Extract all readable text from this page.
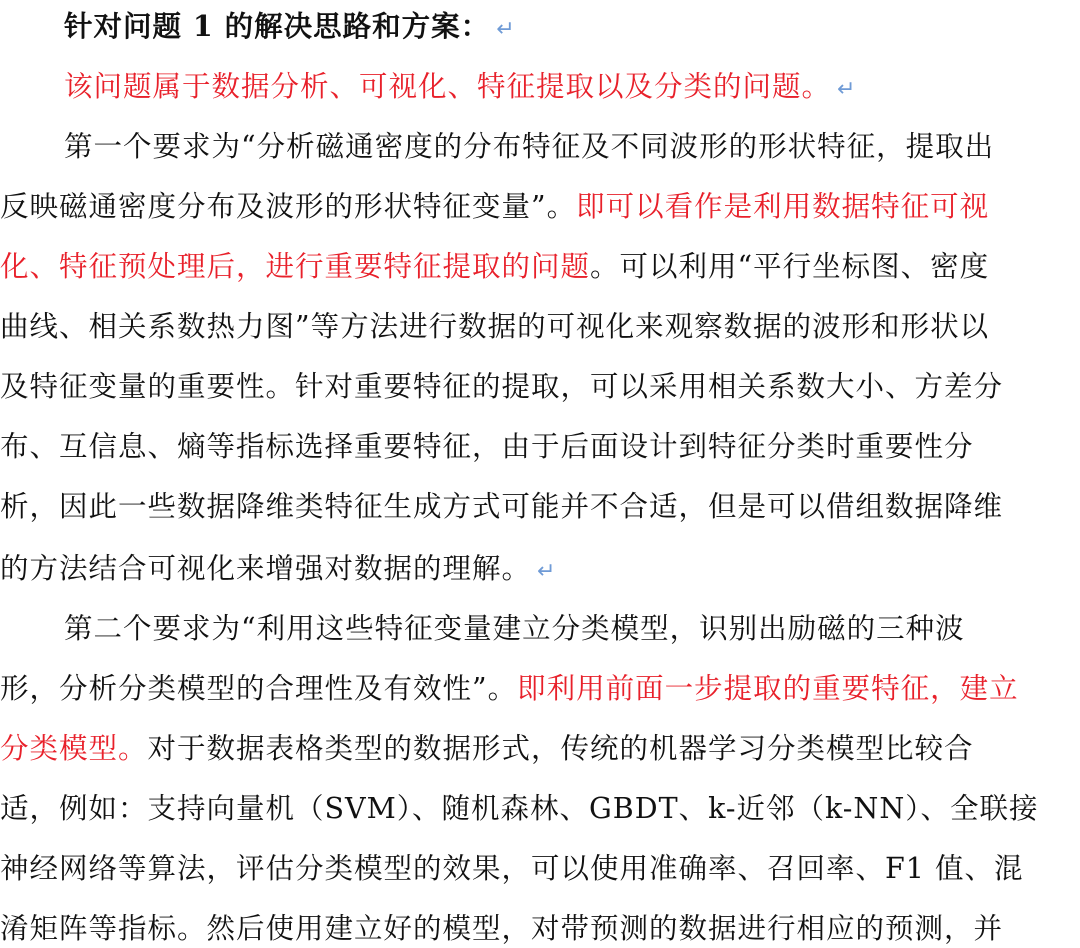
针对问题 1 的解决思路和方案： ↵
该问题属于数据分析、可视化、特征提取以及分类的问题。 ↵
第一个要求为“分析磁通密度的分布特征及不同波形的形状特征，提取出
反映磁通密度分布及波形的形状特征变量”。即可以看作是利用数据特征可视
化、特征预处理后，进行重要特征提取的问题。可以利用“平行坐标图、密度
曲线、相关系数热力图”等方法进行数据的可视化来观察数据的波形和形状以
及特征变量的重要性。针对重要特征的提取，可以采用相关系数大小、方差分
布、互信息、熵等指标选择重要特征，由于后面设计到特征分类时重要性分
析，因此一些数据降维类特征生成方式可能并不合适，但是可以借组数据降维
的方法结合可视化来增强对数据的理解。 ↵
第二个要求为“利用这些特征变量建立分类模型，识别出励磁的三种波
形，分析分类模型的合理性及有效性”。即利用前面一步提取的重要特征，建立
分类模型。对于数据表格类型的数据形式，传统的机器学习分类模型比较合
适，例如：支持向量机（SVM）、随机森林、GBDT、k-近邻（k-NN）、全联接
神经网络等算法，评估分类模型的效果，可以使用准确率、召回率、F1 值、混
淆矩阵等指标。然后使用建立好的模型，对带预测的数据进行相应的预测，并
